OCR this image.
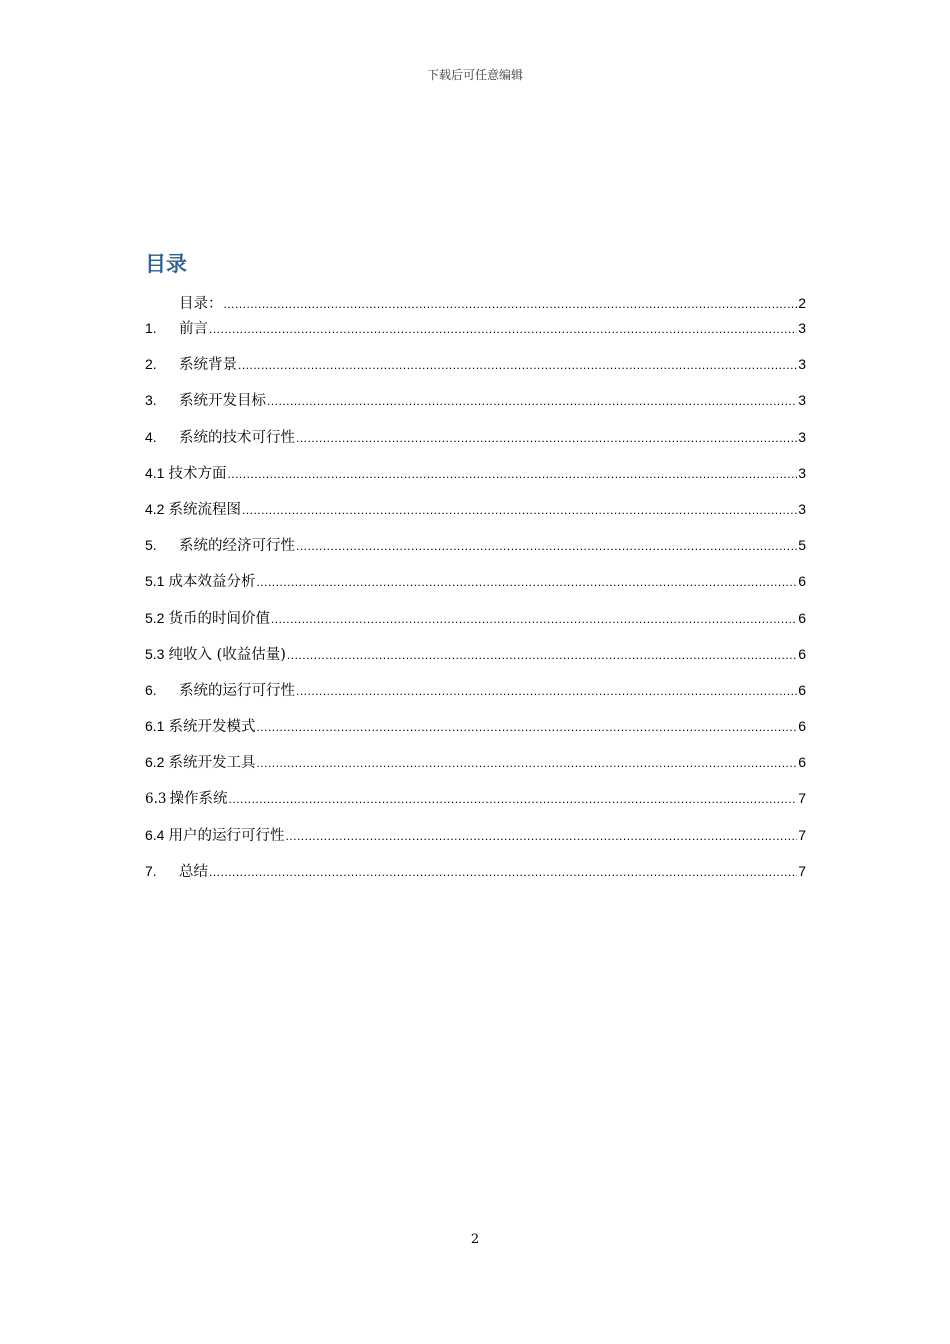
下载后可任意编辑
目录
目录： .....	2
1.	前言 .....	3
2.	系统背景 .....	3
3.	系统开发目标 .....	3
4.	系统的技术可行性 .....	3
4.1 技术方面 .....	3
4.2 系统流程图 .....	3
5.	系统的经济可行性 .....	5
5.1 成本效益分析 .....	6
5.2 货币的时间价值 .....	6
5.3 纯收入 (收益估量) .....	6
6.	系统的运行可行性 .....	6
6.1 系统开发模式 .....	6
6.2 系统开发工具 .....	6
6.3 操作系统 .....	7
6.4 用户的运行可行性 .....	7
7.	总结 .....	7
2
